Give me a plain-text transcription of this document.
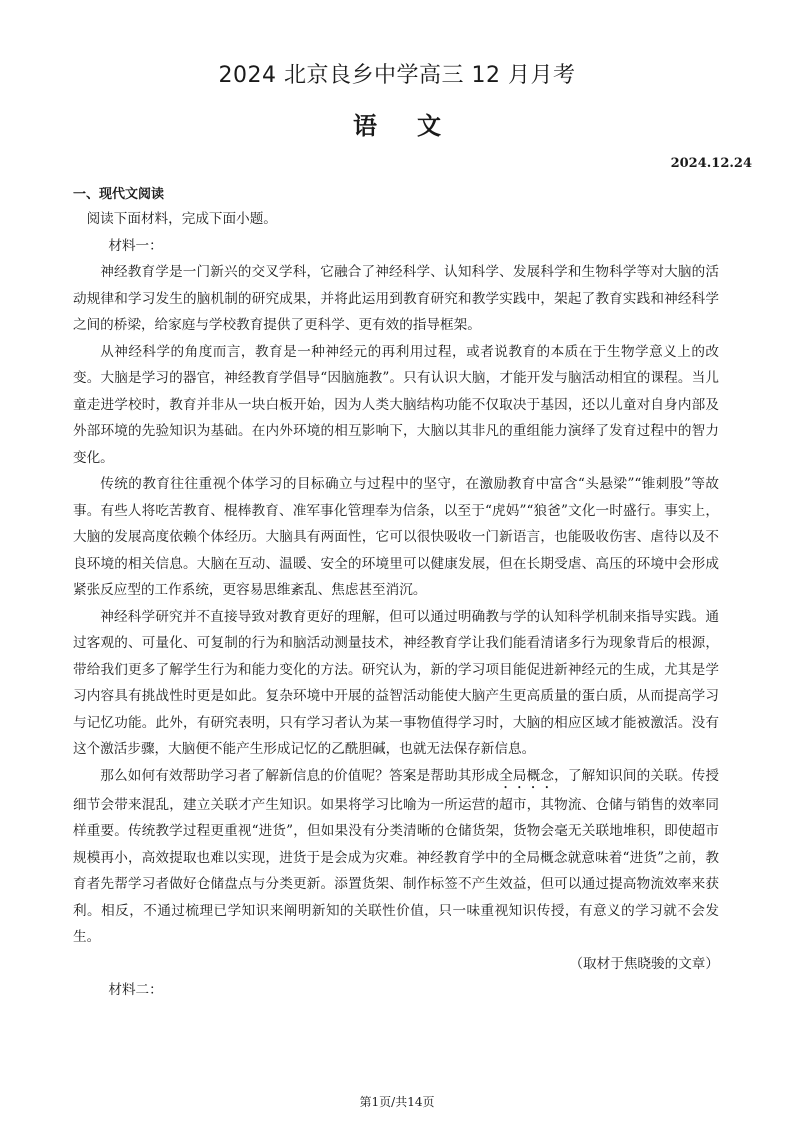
2024 北京良乡中学高三 12 月月考
语文
2024.12.24
一、现代文阅读

阅读下面材料，完成下面小题。

材料一：

神经教育学是一门新兴的交叉学科，它融合了神经科学、认知科学、发展科学和生物科学等对大脑的活动规律和学习发生的脑机制的研究成果，并将此运用到教育研究和教学实践中，架起了教育实践和神经科学之间的桥梁，给家庭与学校教育提供了更科学、更有效的指导框架。

从神经科学的角度而言，教育是一种神经元的再利用过程，或者说教育的本质在于生物学意义上的改变。大脑是学习的器官，神经教育学倡导“因脑施教”。只有认识大脑，才能开发与脑活动相宜的课程。当儿童走进学校时，教育并非从一块白板开始，因为人类大脑结构功能不仅取决于基因，还以儿童对自身内部及外部环境的先验知识为基础。在内外环境的相互影响下，大脑以其非凡的重组能力演绎了发育过程中的智力变化。

传统的教育往往重视个体学习的目标确立与过程中的坚守，在激励教育中富含“头悬梁”“锥刺股”等故事。有些人将吃苦教育、棍棒教育、准军事化管理奉为信条，以至于“虎妈”“狼爸”文化一时盛行。事实上，大脑的发展高度依赖个体经历。大脑具有两面性，它可以很快吸收一门新语言，也能吸收伤害、虐待以及不良环境的相关信息。大脑在互动、温暖、安全的环境里可以健康发展，但在长期受虐、高压的环境中会形成紧张反应型的工作系统，更容易思维紊乱、焦虑甚至消沉。

神经科学研究并不直接导致对教育更好的理解，但可以通过明确教与学的认知科学机制来指导实践。通过客观的、可量化、可复制的行为和脑活动测量技术，神经教育学让我们能看清诸多行为现象背后的根源，带给我们更多了解学生行为和能力变化的方法。研究认为，新的学习项目能促进新神经元的生成，尤其是学习内容具有挑战性时更是如此。复杂环境中开展的益智活动能使大脑产生更高质量的蛋白质，从而提高学习与记忆功能。此外，有研究表明，只有学习者认为某一事物值得学习时，大脑的相应区域才能被激活。没有这个激活步骤，大脑便不能产生形成记忆的乙酰胆碱，也就无法保存新信息。

那么如何有效帮助学习者了解新信息的价值呢？答案是帮助其形成全局概念，了解知识间的关联。传授细节会带来混乱，建立关联才产生知识。如果将学习比喻为一所运营的超市，其物流、仓储与销售的效率同样重要。传统教学过程更重视“进货”，但如果没有分类清晰的仓储货架，货物会毫无关联地堆积，即使超市规模再小，高效提取也难以实现，进货于是会成为灾难。神经教育学中的全局概念就意味着“进货”之前，教育者先帮学习者做好仓储盘点与分类更新。添置货架、制作标签不产生效益，但可以通过提高物流效率来获利。相反，不通过梳理已学知识来阐明新知的关联性价值，只一味重视知识传授，有意义的学习就不会发生。

（取材于焦晓骏的文章）

材料二：

第1页/共14页
